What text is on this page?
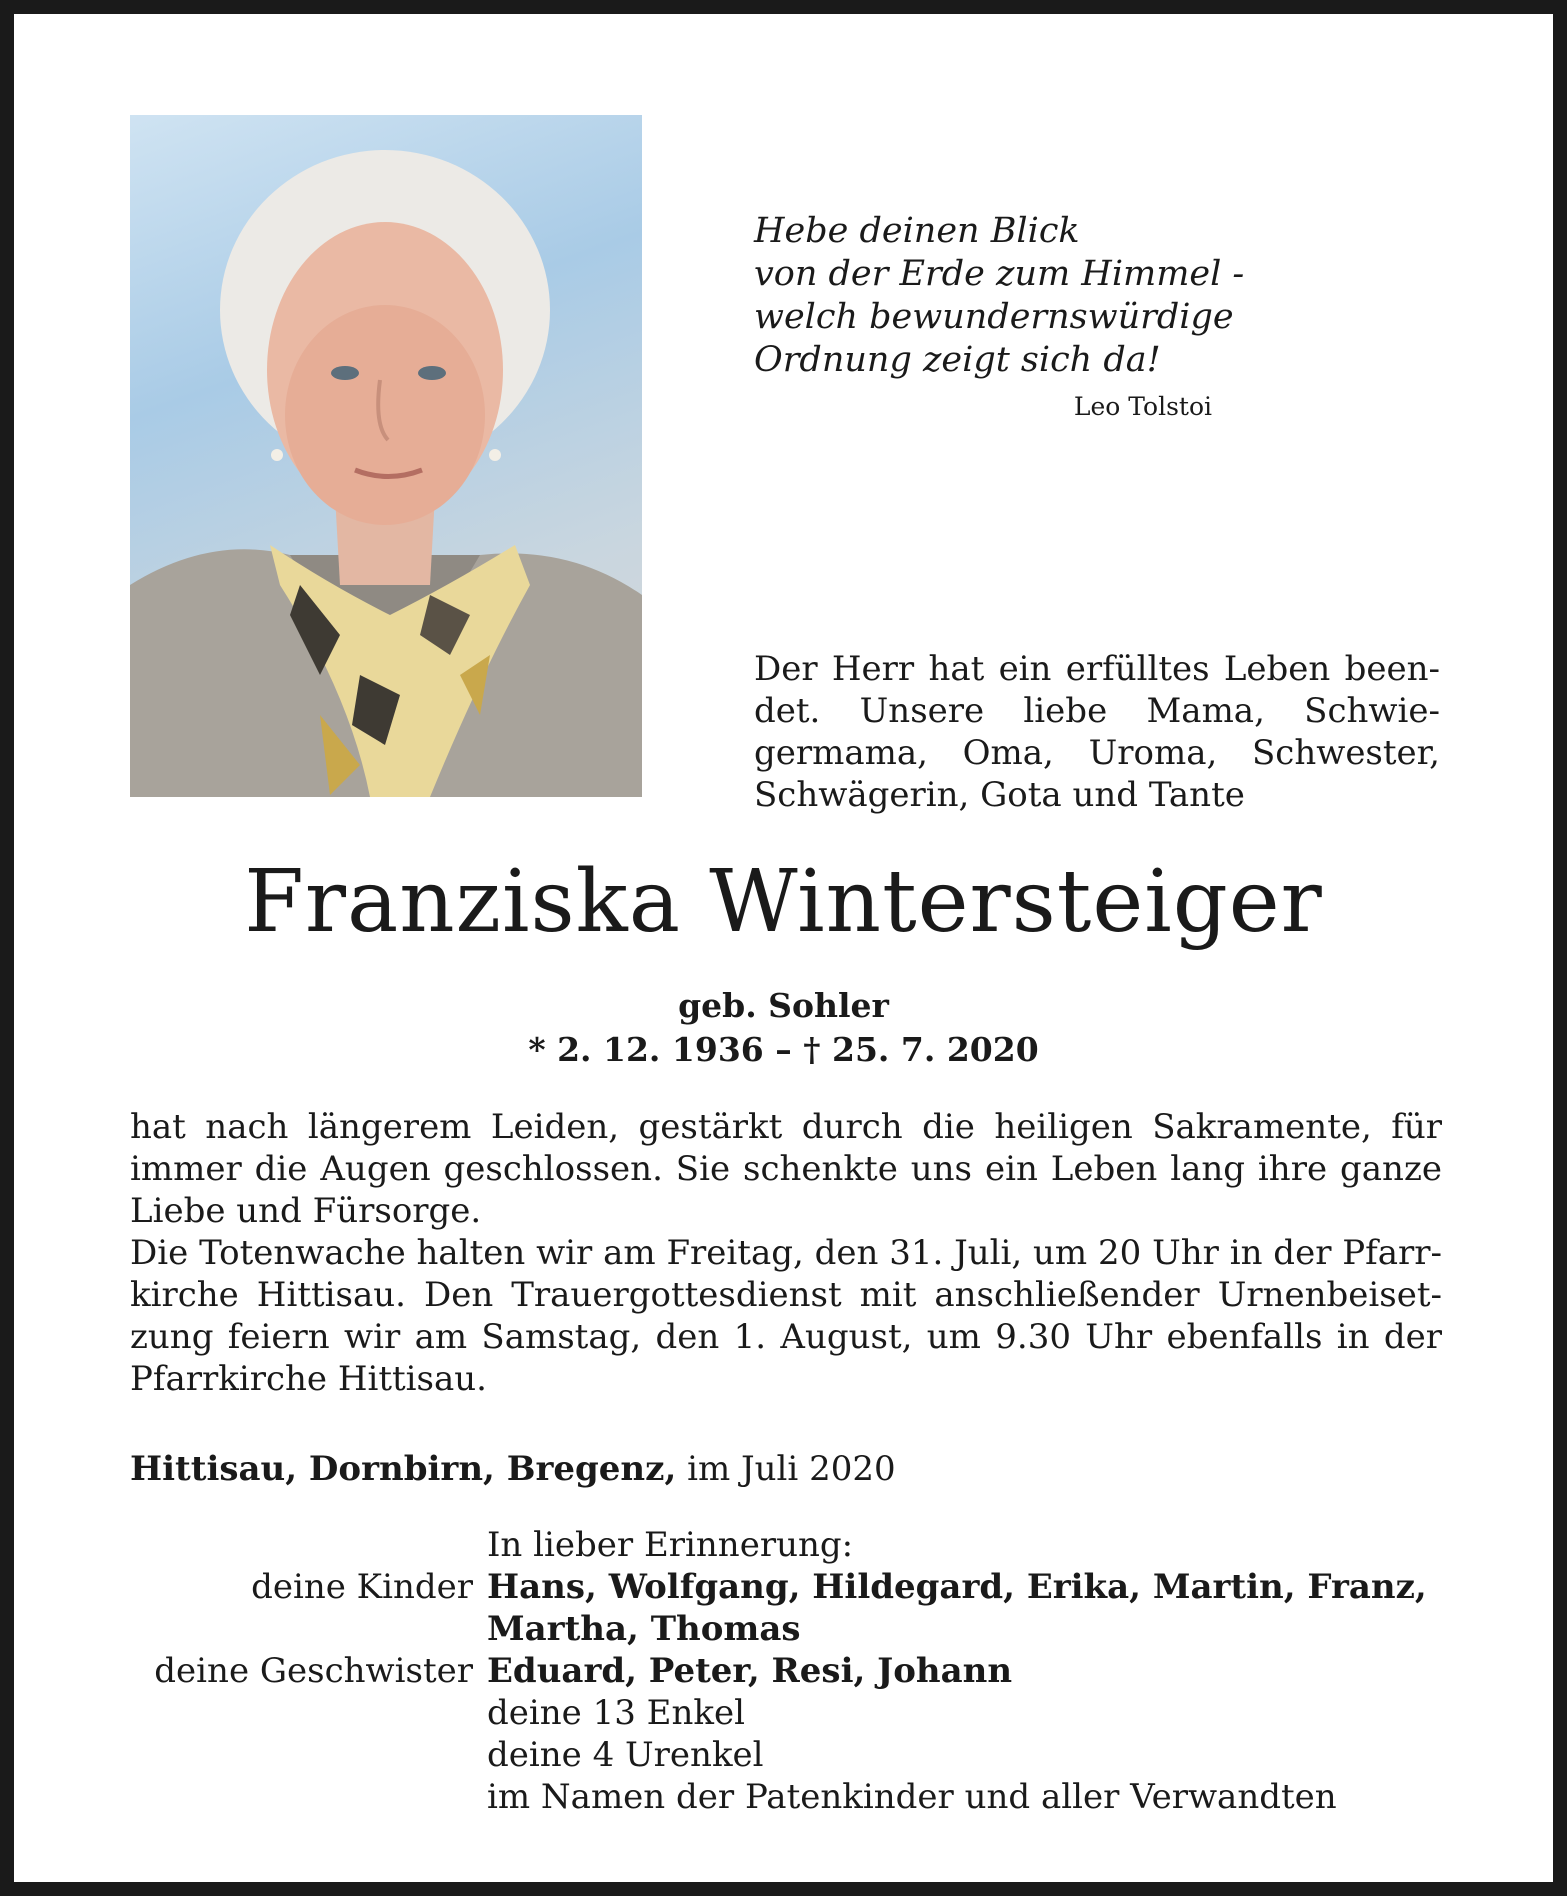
Hebe deinen Blick
von der Erde zum Himmel -
welch bewundernswürdige
Ordnung zeigt sich da!
Leo Tolstoi
Der Herr hat ein erfülltes Leben been-
det. Unsere liebe Mama, Schwie-
germama, Oma, Uroma, Schwester,
Schwägerin, Gota und Tante
Franziska Wintersteiger
geb. Sohler
* 2. 12. 1936 – † 25. 7. 2020
hat nach längerem Leiden, gestärkt durch die heiligen Sakramente, für
immer die Augen geschlossen. Sie schenkte uns ein Leben lang ihre ganze
Liebe und Fürsorge.
Die Totenwache halten wir am Freitag, den 31. Juli, um 20 Uhr in der Pfarr-
kirche Hittisau. Den Trauergottesdienst mit anschließender Urnenbeiset-
zung feiern wir am Samstag, den 1. August, um 9.30 Uhr ebenfalls in der
Pfarrkirche Hittisau.
Hittisau, Dornbirn, Bregenz, im Juli 2020
In lieber Erinnerung:
deine Kinder Hans, Wolfgang, Hildegard, Erika, Martin, Franz,
Martha, Thomas
deine Geschwister Eduard, Peter, Resi, Johann
deine 13 Enkel
deine 4 Urenkel
im Namen der Patenkinder und aller Verwandten
